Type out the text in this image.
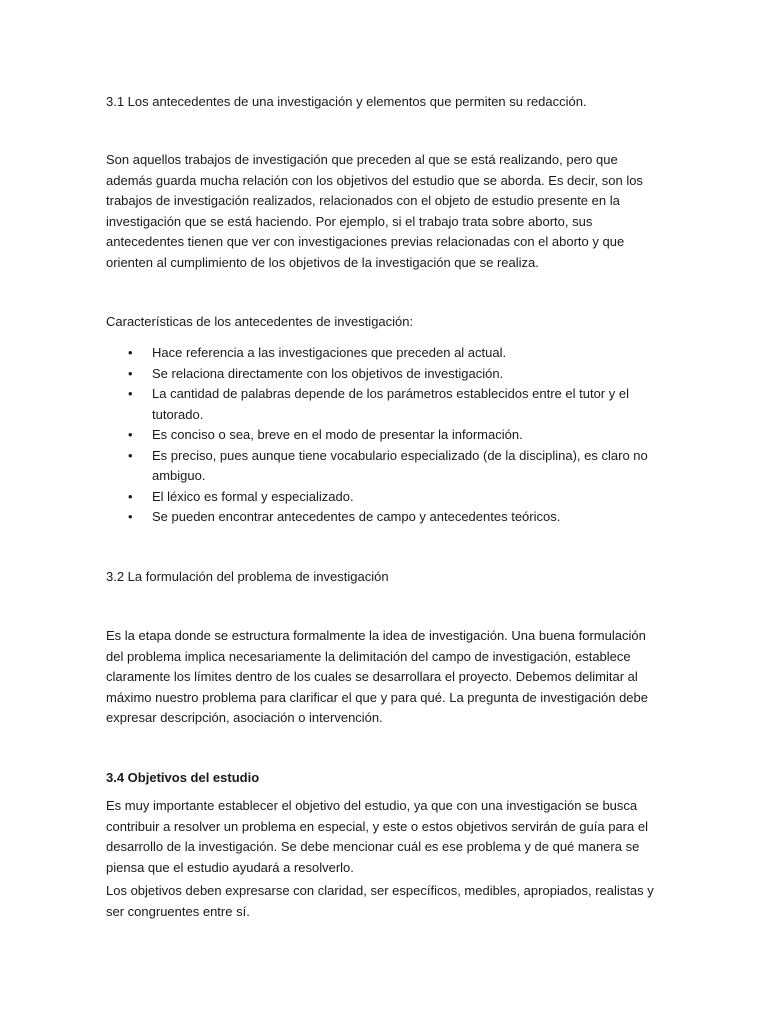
3.1 Los antecedentes de una investigación y elementos que permiten su redacción.

Son aquellos trabajos de investigación que preceden al que se está realizando, pero que además guarda mucha relación con los objetivos del estudio que se aborda. Es decir, son los trabajos de investigación realizados, relacionados con el objeto de estudio presente en la investigación que se está haciendo. Por ejemplo, si el trabajo trata sobre aborto, sus antecedentes tienen que ver con investigaciones previas relacionadas con el aborto y que orienten al cumplimiento de los objetivos de la investigación que se realiza.

Características de los antecedentes de investigación:

• Hace referencia a las investigaciones que preceden al actual.
• Se relaciona directamente con los objetivos de investigación.
• La cantidad de palabras depende de los parámetros establecidos entre el tutor y el tutorado.
• Es conciso o sea, breve en el modo de presentar la información.
• Es preciso, pues aunque tiene vocabulario especializado (de la disciplina), es claro no ambiguo.
• El léxico es formal y especializado.
• Se pueden encontrar antecedentes de campo y antecedentes teóricos.

3.2 La formulación del problema de investigación

Es la etapa donde se estructura formalmente la idea de investigación. Una buena formulación del problema implica necesariamente la delimitación del campo de investigación, establece claramente los límites dentro de los cuales se desarrollara el proyecto. Debemos delimitar al máximo nuestro problema para clarificar el que y para qué. La pregunta de investigación debe expresar descripción, asociación o intervención.

3.4 Objetivos del estudio

Es muy importante establecer el objetivo del estudio, ya que con una investigación se busca contribuir a resolver un problema en especial, y este o estos objetivos servirán de guía para el desarrollo de la investigación. Se debe mencionar cuál es ese problema y de qué manera se piensa que el estudio ayudará a resolverlo.

Los objetivos deben expresarse con claridad, ser específicos, medibles, apropiados, realistas y ser congruentes entre sí.
